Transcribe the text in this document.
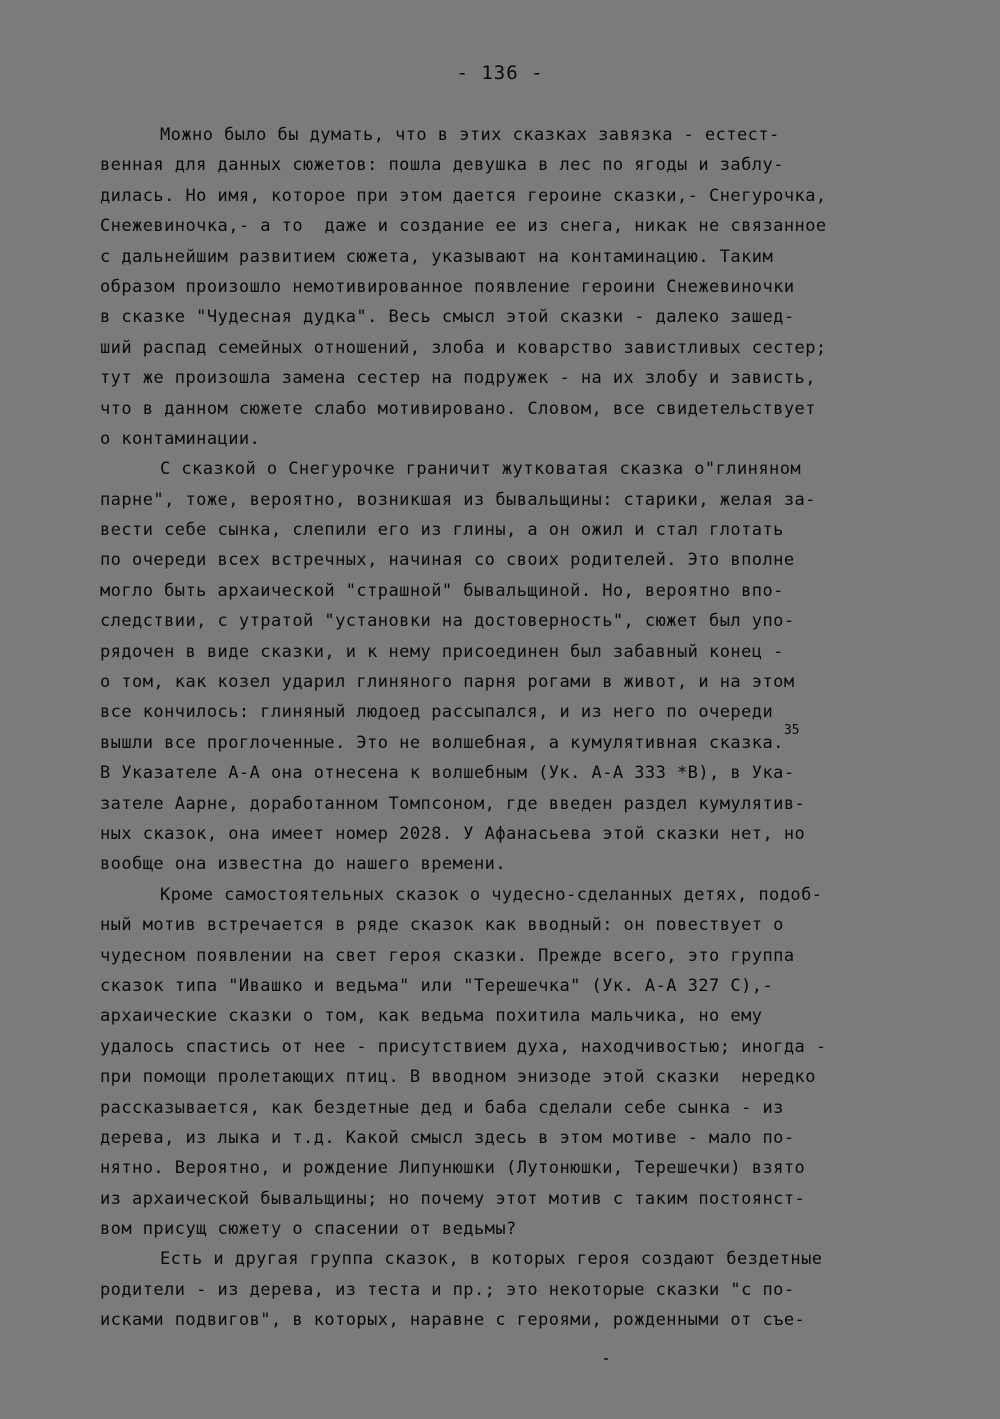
- 136 -
Можно было бы думать, что в этих сказках завязка - естест-
венная для данных сюжетов: пошла девушка в лес по ягоды и заблу-
дилась. Но имя, которое при этом дается героине сказки,- Снегурочка,
Снежевиночка,- а то  даже и создание ее из снега, никак не связанное
с дальнейшим развитием сюжета, указывают на контаминацию. Таким
образом произошло немотивированное появление героини Снежевиночки
в сказке "Чудесная дудка". Весь смысл этой сказки - далеко зашед-
ший распад семейных отношений, злоба и коварство завистливых сестер;
тут же произошла замена сестер на подружек - на их злобу и зависть,
что в данном сюжете слабо мотивировано. Словом, все свидетельствует
о контаминации.
С сказкой о Снегурочке граничит жутковатая сказка о"глиняном
парне", тоже, вероятно, возникшая из бывальщины: старики, желая за-
вести себе сынка, слепили его из глины, а он ожил и стал глотать
по очереди всех встречных, начиная со своих родителей. Это вполне
могло быть архаической "страшной" бывальщиной. Но, вероятно впо-
следствии, с утратой "установки на достоверность", сюжет был упо-
рядочен в виде сказки, и к нему присоединен был забавный конец -
о том, как козел ударил глиняного парня рогами в живот, и на этом
все кончилось: глиняный людоед рассыпался, и из него по очереди
вышли все проглоченные. Это не волшебная, а кумулятивная сказка.$^{35}$
В Указателе А-А она отнесена к волшебным (Ук. А-А 333 *В), в Ука-
зателе Аарне, доработанном Томпсоном, где введен раздел кумулятив-
ных сказок, она имеет номер 2028. У Афанасьева этой сказки нет, но
вообще она известна до нашего времени.
Кроме самостоятельных сказок о чудесно-сделанных детях, подоб-
ный мотив встречается в ряде сказок как вводный: он повествует о
чудесном появлении на свет героя сказки. Прежде всего, это группа
сказок типа "Ивашко и ведьма" или "Терешечка" (Ук. А-А 327 С),-
архаические сказки о том, как ведьма похитила мальчика, но ему
удалось спастись от нее - присутствием духа, находчивостью; иногда -
при помощи пролетающих птиц. В вводном энизоде этой сказки  нередко
рассказывается, как бездетные дед и баба сделали себе сынка - из
дерева, из лыка и т.д. Какой смысл здесь в этом мотиве - мало по-
нятно. Вероятно, и рождение Липунюшки (Лутонюшки, Терешечки) взято
из архаической бывальщины; но почему этот мотив с таким постоянст-
вом присущ сюжету о спасении от ведьмы?
Есть и другая группа сказок, в которых героя создают бездетные
родители - из дерева, из теста и пр.; это некоторые сказки "с по-
исками подвигов", в которых, наравне с героями, рожденными от съе-
